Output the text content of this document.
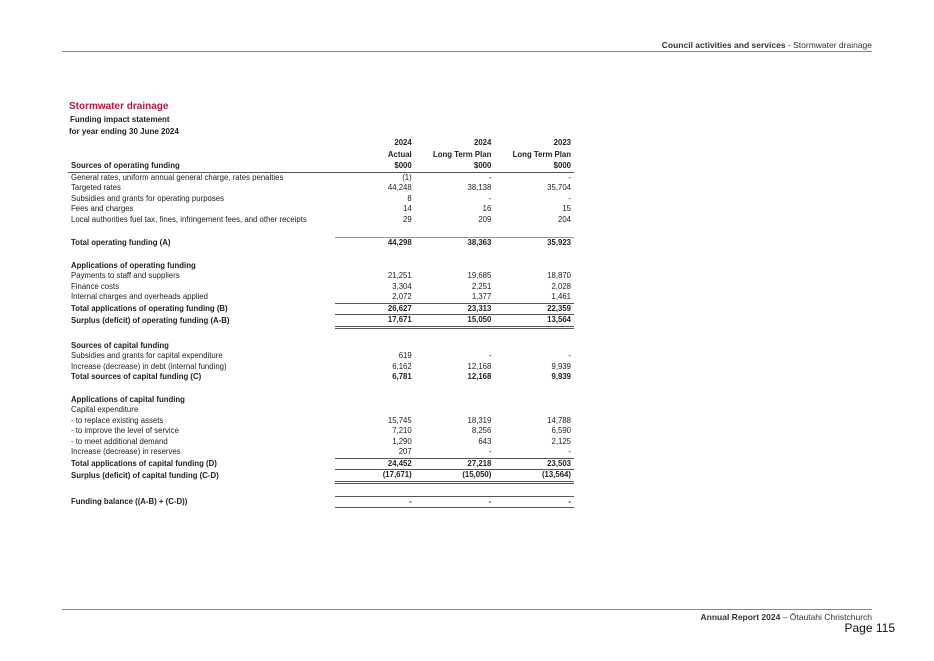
Council activities and services - Stormwater drainage
Stormwater drainage
Funding impact statement
for year ending 30 June 2024
	2024	2024	2023
	Actual	Long Term Plan	Long Term Plan
Sources of operating funding	$000	$000	$000
General rates, uniform annual general charge, rates penalties	(1)	-	-
Targeted rates	44,248	38,138	35,704
Subsidies and grants for operating purposes	8	-	-
Fees and charges	14	16	15
Local authorities fuel tax, fines, infringement fees, and other receipts	29	209	204

Total operating funding (A)	44,298	38,363	35,923

Applications of operating funding			
Payments to staff and suppliers	21,251	19,685	18,870
Finance costs	3,304	2,251	2,028
Internal charges and overheads applied	2,072	1,377	1,461
Total applications of operating funding (B)	26,627	23,313	22,359
Surplus (deficit) of operating funding (A-B)	17,671	15,050	13,564

Sources of capital funding			
Subsidies and grants for capital expenditure	619	-	-
Increase (decrease) in debt (internal funding)	6,162	12,168	9,939
Total sources of capital funding (C)	6,781	12,168	9,939

Applications of capital funding			
Capital expenditure			
- to replace existing assets	15,745	18,319	14,788
- to improve the level of service	7,210	8,256	6,590
- to meet additional demand	1,290	643	2,125
Increase (decrease) in reserves	207	-	-
Total applications of capital funding (D)	24,452	27,218	23,503
Surplus (deficit) of capital funding (C-D)	(17,671)	(15,050)	(13,564)

Funding balance ((A-B) + (C-D))	-	-	-
Annual Report 2024 – Ōtautahi Christchurch
Page 115
